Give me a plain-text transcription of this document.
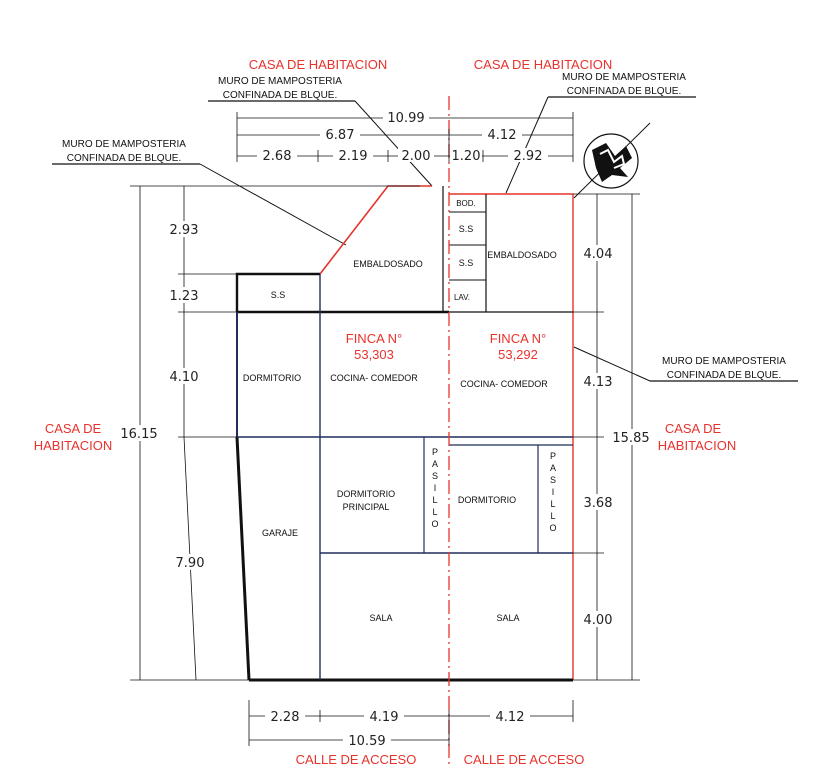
CASA DE HABITACION	CASA DE HABITACION
CASA DE
HABITACION
CASA DE
HABITACION
CALLE DE ACCESO	CALLE DE ACCESO
FINCA N°
53,303
FINCA N°
53,292
MURO DE MAMPOSTERIA
CONFINADA DE BLQUE.
MURO DE MAMPOSTERIA
CONFINADA DE BLQUE.
MURO DE MAMPOSTERIA
CONFINADA DE BLQUE.
MURO DE MAMPOSTERIA
CONFINADA DE BLQUE.
S.S
EMBALDOSADO
DORMITORIO	COCINA- COMEDOR
DORMITORIO
PRINCIPAL
P
A
S
I
L
L
O
GARAJE
SALA
BOD.
S.S
S.S
LAV.
EMBALDOSADO
COCINA- COMEDOR
DORMITORIO
P
A
S
I
L
L
O
SALA
10.99
6.87	4.12
2.68	2.19	2.00 1.20	2.92
2.93
1.23
4.10
7.90
16.15
4.04
4.13
3.68
4.00
15.85
2.28	4.19	4.12
10.59
